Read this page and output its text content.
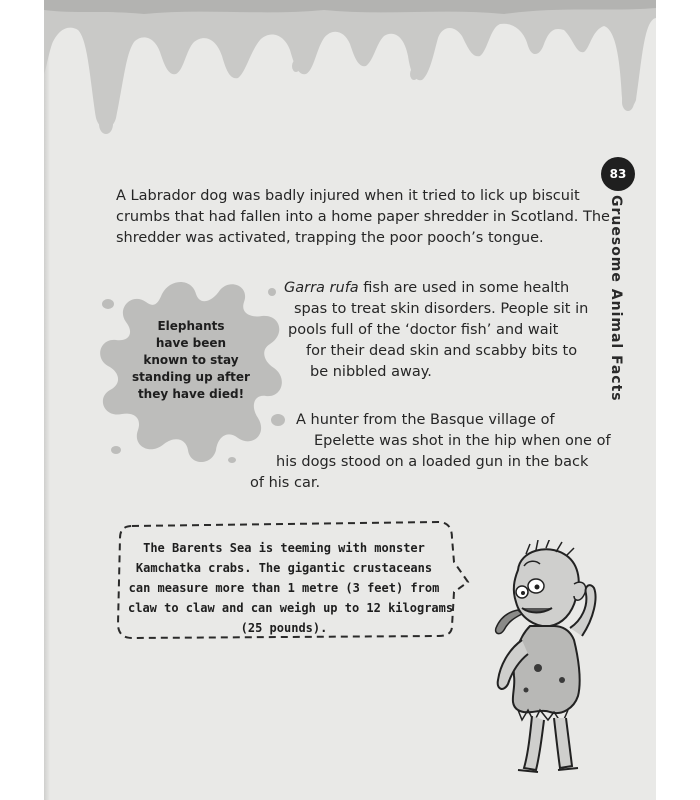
83
Gruesome Animal Facts
A Labrador dog was badly injured when it tried to lick up biscuit
crumbs that had fallen into a home paper shredder in Scotland. The
shredder was activated, trapping the poor pooch’s tongue.
Garra rufa fish are used in some health
spas to treat skin disorders. People sit in
pools full of the ‘doctor fish’ and wait
for their dead skin and scabby bits to
be nibbled away.
A hunter from the Basque village of
Epelette was shot in the hip when one of
his dogs stood on a loaded gun in the back
of his car.
Elephants
have been
known to stay
standing up after
they have died!
The Barents Sea is teeming with monster
Kamchatka crabs. The gigantic crustaceans
can measure more than 1 metre (3 feet) from
claw to claw and can weigh up to 12 kilograms
(25 pounds).
